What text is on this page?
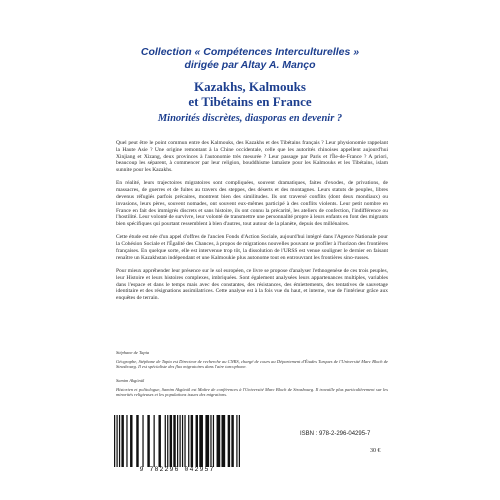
Collection « Compétences Interculturelles »
dirigée par Altay A. Manço
Kazakhs, Kalmouks
et Tibétains en France
Minorités discrètes, diasporas en devenir ?

Quel peut être le point commun entre des Kalmouks, des Kazakhs et des Tibétains français ? Leur physionomie rappelant la Haute Asie ? Une origine remontant à la Chine occidentale, celle que les autorités chinoises appellent aujourd'hui Xinjiang et Xizang, deux provinces à l'autonomie très mesurée ? Leur passage par Paris et l'Île-de-France ? A priori, beaucoup les séparent, à commencer par leur religion, bouddhisme lamaïste pour les Kalmouks et les Tibétains, islam sunnite pour les Kazakhs.

En réalité, leurs trajectoires migratoires sont compliquées, souvent dramatiques, faites d'exodes, de privations, de massacres, de guerres et de fuites au travers des steppes, des déserts et des montagnes. Leurs statuts de peuples, libres devenus réfugiés parfois précaires, montrent bien des similitudes. Ils ont traversé conflits (dont deux mondiaux) ou invasions, leurs pères, souvent nomades, ont souvent eux-mêmes participé à des conflits violents. Leur petit nombre en France en fait des immigrés discrets et sans histoire, ils ont connu la précarité, les ateliers de confection, l'indifférence ou l'hostilité. Leur volonté de survivre, leur volonté de transmettre une personnalité propre à leurs enfants en font des migrants bien spécifiques qui pourtant ressemblent à bien d'autres, tout autour de la planète, depuis des millénaires.

Cette étude est née d'un appel d'offres de l'ancien Fonds d'Action Sociale, aujourd'hui intégré dans l'Agence Nationale pour la Cohésion Sociale et l'Égalité des Chances, à propos de migrations nouvelles pouvant se profiler à l'horizon des frontières françaises. En quelque sorte, elle est intervenue trop tôt, la dissolution de l'URSS est venue souligner le dernier en faisant renaître un Kazakhstan indépendant et une Kalmoukie plus autonome tout en entrouvrant les frontières sino-russes.

Pour mieux appréhender leur présence sur le sol européen, ce livre se propose d'analyser l'ethnogenèse de ces trois peuples, leur Histoire et leurs histoires complexes, imbriquées. Sont également analysées leurs appartenances multiples, variables dans l'espace et dans le temps mais avec des constantes, des résistances, des émiettements, des tentatives de sauvetage identitaire et des résignations assimilatrices. Cette analyse est à la fois vue du haut, et interne, vue de l'intérieur grâce aux enquêtes de terrain.

Stéphane de Tapia
Géographe, Stéphane de Tapia est Directeur de recherche au CNRS, chargé de cours au Département d'Études Turques de l'Université Marc Bloch de Strasbourg. Il est spécialiste des flux migratoires dans l'aire turcophone.
Samim Akgönül
Historien et politologue, Samim Akgönül est Maître de conférences à l'Université Marc Bloch de Strasbourg. Il travaille plus particulièrement sur les minorités religieuses et les populations issues des migrations.
9 782296 042957
ISBN : 978-2-296-04295-7
30 €
